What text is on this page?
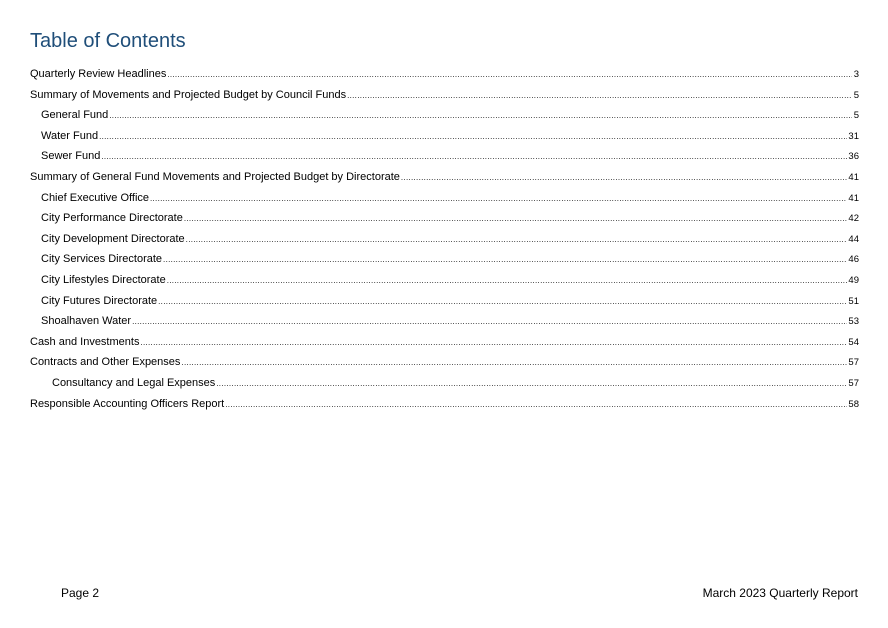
Table of Contents
Quarterly Review Headlines .....	3
Summary of Movements and Projected Budget by Council Funds .....	5
General Fund .....	5
Water Fund .....	31
Sewer Fund .....	36
Summary of General Fund Movements and Projected Budget by Directorate .....	41
Chief Executive Office .....	41
City Performance Directorate .....	42
City Development Directorate .....	44
City Services Directorate .....	46
City Lifestyles Directorate .....	49
City Futures Directorate .....	51
Shoalhaven Water .....	53
Cash and Investments .....	54
Contracts and Other Expenses .....	57
Consultancy and Legal Expenses .....	57
Responsible Accounting Officers Report .....	58
Page 2	March 2023 Quarterly Report
